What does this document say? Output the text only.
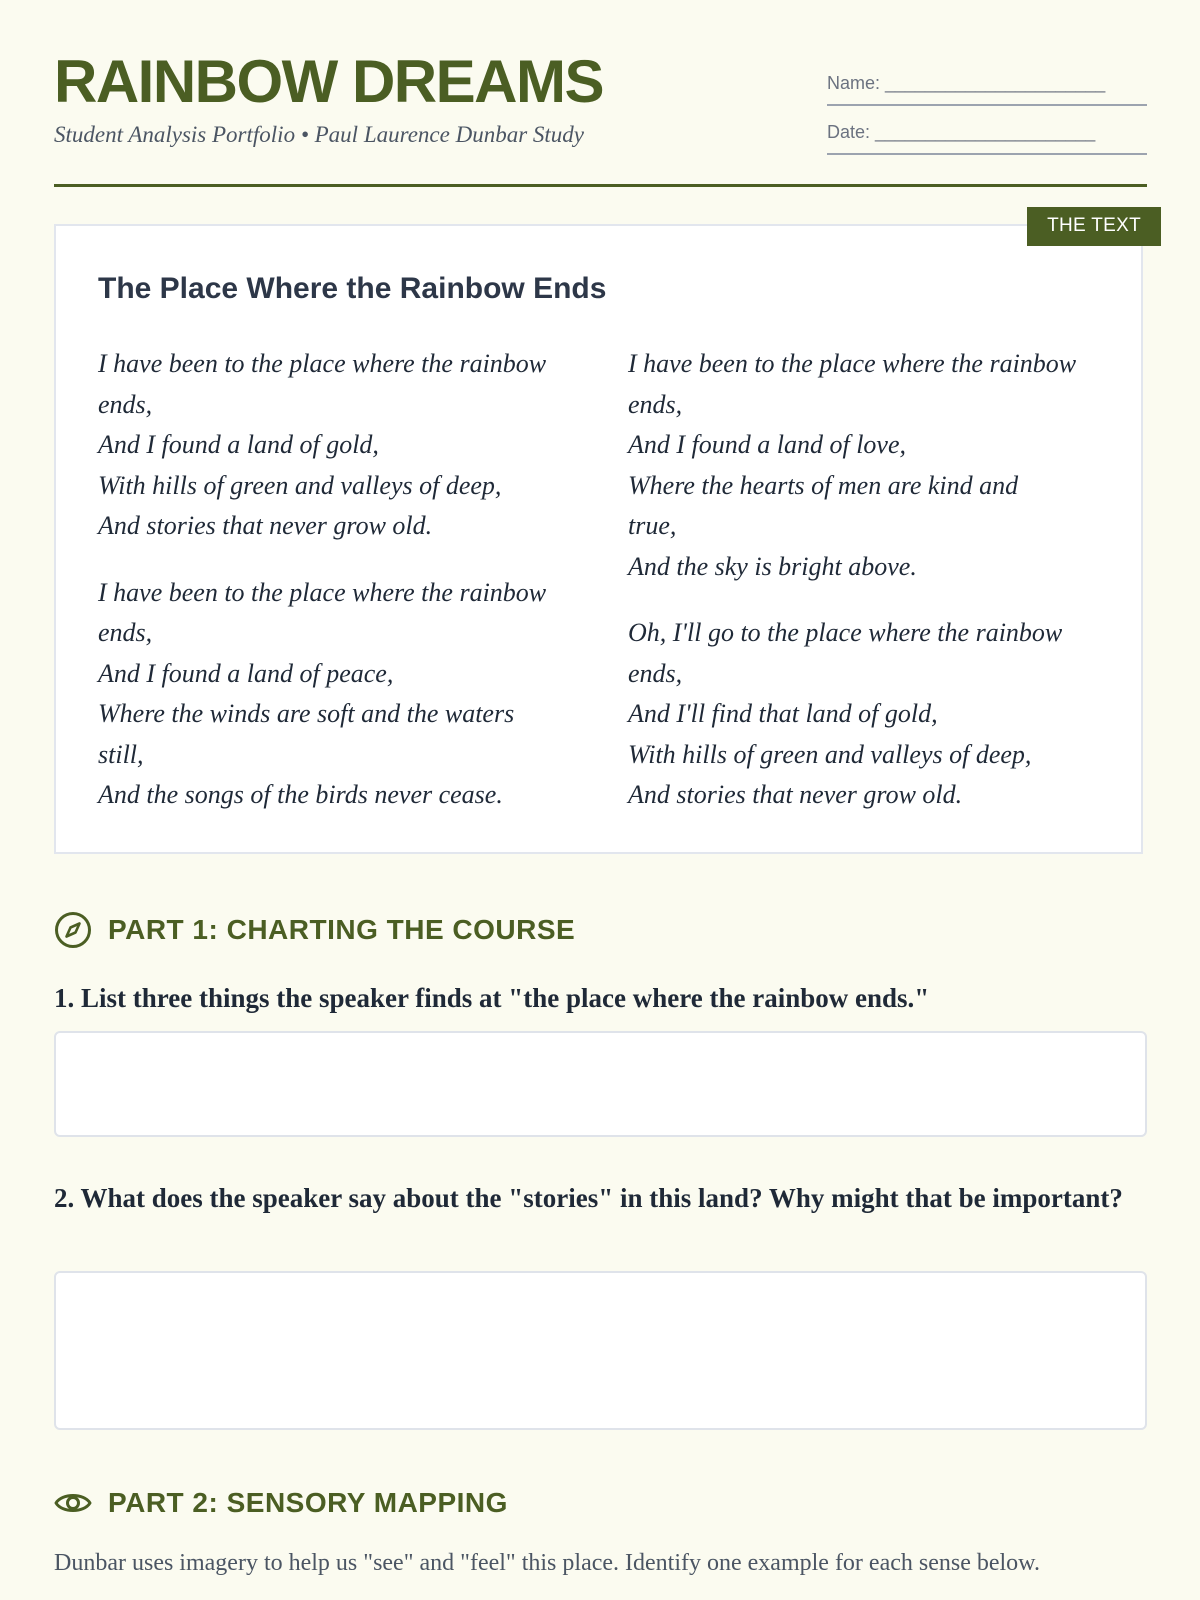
RAINBOW DREAMS
Student Analysis Portfolio • Paul Laurence Dunbar Study
Name: ______________________
Date: ______________________
THE TEXT
The Place Where the Rainbow Ends
I have been to the place where the rainbow
ends,
And I found a land of gold,
With hills of green and valleys of deep,
And stories that never grow old.
I have been to the place where the rainbow
ends,
And I found a land of peace,
Where the winds are soft and the waters
still,
And the songs of the birds never cease.
I have been to the place where the rainbow
ends,
And I found a land of love,
Where the hearts of men are kind and
true,
And the sky is bright above.
Oh, I'll go to the place where the rainbow
ends,
And I'll find that land of gold,
With hills of green and valleys of deep,
And stories that never grow old.
PART 1: CHARTING THE COURSE

1. List three things the speaker finds at "the place where the rainbow ends."

2. What does the speaker say about the "stories" in this land? Why might that be important?

PART 2: SENSORY MAPPING
Dunbar uses imagery to help us "see" and "feel" this place. Identify one example for each sense below.
